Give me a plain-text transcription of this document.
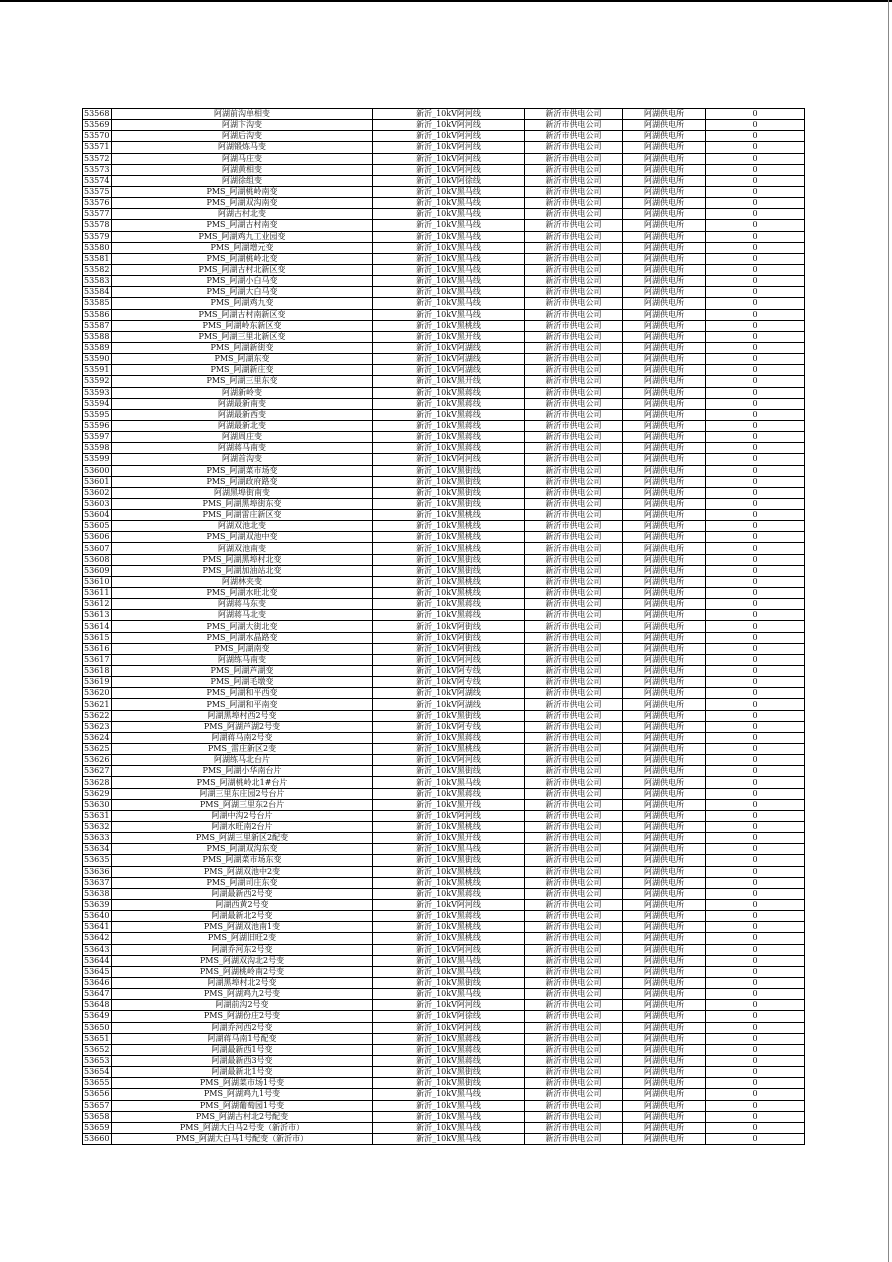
53568	阿湖前沟单相变	新沂_10kV阿河线	新沂市供电公司	阿湖供电所	0
53569	阿湖卞沟变	新沂_10kV阿河线	新沂市供电公司	阿湖供电所	0
53570	阿湖后沟变	新沂_10kV阿河线	新沂市供电公司	阿湖供电所	0
53571	阿湖锻炼马变	新沂_10kV阿河线	新沂市供电公司	阿湖供电所	0
53572	阿湖马庄变	新沂_10kV阿河线	新沂市供电公司	阿湖供电所	0
53573	阿湖黄相变	新沂_10kV阿河线	新沂市供电公司	阿湖供电所	0
53574	阿湖徐组变	新沂_10kV阿徐线	新沂市供电公司	阿湖供电所	0
53575	PMS_阿湖桃岭南变	新沂_10kV黑马线	新沂市供电公司	阿湖供电所	0
53576	PMS_阿湖双沟南变	新沂_10kV黑马线	新沂市供电公司	阿湖供电所	0
53577	阿湖古村北变	新沂_10kV黑马线	新沂市供电公司	阿湖供电所	0
53578	PMS_阿湖古村南变	新沂_10kV黑马线	新沂市供电公司	阿湖供电所	0
53579	PMS_阿湖鸡九工业园变	新沂_10kV黑马线	新沂市供电公司	阿湖供电所	0
53580	PMS_阿湖增元变	新沂_10kV黑马线	新沂市供电公司	阿湖供电所	0
53581	PMS_阿湖桃岭北变	新沂_10kV黑马线	新沂市供电公司	阿湖供电所	0
53582	PMS_阿湖古村北新区变	新沂_10kV黑马线	新沂市供电公司	阿湖供电所	0
53583	PMS_阿湖小白马变	新沂_10kV黑马线	新沂市供电公司	阿湖供电所	0
53584	PMS_阿湖大白马变	新沂_10kV黑马线	新沂市供电公司	阿湖供电所	0
53585	PMS_阿湖鸡九变	新沂_10kV黑马线	新沂市供电公司	阿湖供电所	0
53586	PMS_阿湖古村南新区变	新沂_10kV黑马线	新沂市供电公司	阿湖供电所	0
53587	PMS_阿湖岭东新区变	新沂_10kV黑桃线	新沂市供电公司	阿湖供电所	0
53588	PMS_阿湖三里北新区变	新沂_10kV黑开线	新沂市供电公司	阿湖供电所	0
53589	PMS_阿湖新街变	新沂_10kV阿湖线	新沂市供电公司	阿湖供电所	0
53590	PMS_阿湖东变	新沂_10kV阿湖线	新沂市供电公司	阿湖供电所	0
53591	PMS_阿湖新庄变	新沂_10kV阿湖线	新沂市供电公司	阿湖供电所	0
53592	PMS_阿湖三里东变	新沂_10kV黑开线	新沂市供电公司	阿湖供电所	0
53593	阿湖新岭变	新沂_10kV黑蒋线	新沂市供电公司	阿湖供电所	0
53594	阿湖最新南变	新沂_10kV黑蒋线	新沂市供电公司	阿湖供电所	0
53595	阿湖最新西变	新沂_10kV黑蒋线	新沂市供电公司	阿湖供电所	0
53596	阿湖最新北变	新沂_10kV黑蒋线	新沂市供电公司	阿湖供电所	0
53597	阿湖周庄变	新沂_10kV黑蒋线	新沂市供电公司	阿湖供电所	0
53598	阿湖蒋马南变	新沂_10kV黑蒋线	新沂市供电公司	阿湖供电所	0
53599	阿湖首沟变	新沂_10kV阿河线	新沂市供电公司	阿湖供电所	0
53600	PMS_阿湖菜市场变	新沂_10kV黑街线	新沂市供电公司	阿湖供电所	0
53601	PMS_阿湖政府路变	新沂_10kV黑街线	新沂市供电公司	阿湖供电所	0
53602	阿湖黑埠街南变	新沂_10kV黑街线	新沂市供电公司	阿湖供电所	0
53603	PMS_阿湖黑埠街东变	新沂_10kV黑街线	新沂市供电公司	阿湖供电所	0
53604	PMS_阿湖雷庄新区变	新沂_10kV黑桃线	新沂市供电公司	阿湖供电所	0
53605	阿湖双池北变	新沂_10kV黑桃线	新沂市供电公司	阿湖供电所	0
53606	PMS_阿湖双池中变	新沂_10kV黑桃线	新沂市供电公司	阿湖供电所	0
53607	阿湖双池南变	新沂_10kV黑桃线	新沂市供电公司	阿湖供电所	0
53608	PMS_阿湖黑埠村北变	新沂_10kV黑街线	新沂市供电公司	阿湖供电所	0
53609	PMS_阿湖加油站北变	新沂_10kV黑街线	新沂市供电公司	阿湖供电所	0
53610	阿湖林夹变	新沂_10kV黑桃线	新沂市供电公司	阿湖供电所	0
53611	PMS_阿湖水旺北变	新沂_10kV黑桃线	新沂市供电公司	阿湖供电所	0
53612	阿湖蒋马东变	新沂_10kV黑蒋线	新沂市供电公司	阿湖供电所	0
53613	阿湖蒋马北变	新沂_10kV黑蒋线	新沂市供电公司	阿湖供电所	0
53614	PMS_阿湖大街北变	新沂_10kV阿街线	新沂市供电公司	阿湖供电所	0
53615	PMS_阿湖水晶路变	新沂_10kV阿街线	新沂市供电公司	阿湖供电所	0
53616	PMS_阿湖南变	新沂_10kV阿街线	新沂市供电公司	阿湖供电所	0
53617	阿湖练马南变	新沂_10kV阿河线	新沂市供电公司	阿湖供电所	0
53618	PMS_阿湖芦湖变	新沂_10kV阿专线	新沂市供电公司	阿湖供电所	0
53619	PMS_阿湖毛墩变	新沂_10kV阿专线	新沂市供电公司	阿湖供电所	0
53620	PMS_阿湖和平西变	新沂_10kV阿湖线	新沂市供电公司	阿湖供电所	0
53621	PMS_阿湖和平南变	新沂_10kV阿湖线	新沂市供电公司	阿湖供电所	0
53622	阿湖黑埠村西2号变	新沂_10kV黑街线	新沂市供电公司	阿湖供电所	0
53623	PMS_阿湖芦湖2号变	新沂_10kV阿专线	新沂市供电公司	阿湖供电所	0
53624	阿湖蒋马南2号变	新沂_10kV黑蒋线	新沂市供电公司	阿湖供电所	0
53625	PMS_雷庄新区2变	新沂_10kV黑桃线	新沂市供电公司	阿湖供电所	0
53626	阿湖练马北台片	新沂_10kV阿河线	新沂市供电公司	阿湖供电所	0
53627	PMS_阿湖小华南台片	新沂_10kV黑街线	新沂市供电公司	阿湖供电所	0
53628	PMS_阿湖桃岭北1#台片	新沂_10kV黑马线	新沂市供电公司	阿湖供电所	0
53629	阿湖三里东庄园2号台片	新沂_10kV黑蒋线	新沂市供电公司	阿湖供电所	0
53630	PMS_阿湖三里东2台片	新沂_10kV黑开线	新沂市供电公司	阿湖供电所	0
53631	阿湖中沟2号台片	新沂_10kV阿河线	新沂市供电公司	阿湖供电所	0
53632	阿湖水旺南2台片	新沂_10kV黑桃线	新沂市供电公司	阿湖供电所	0
53633	PMS_阿湖三里新区2配变	新沂_10kV黑开线	新沂市供电公司	阿湖供电所	0
53634	PMS_阿湖双沟东变	新沂_10kV黑马线	新沂市供电公司	阿湖供电所	0
53635	PMS_阿湖菜市场东变	新沂_10kV黑街线	新沂市供电公司	阿湖供电所	0
53636	PMS_阿湖双池中2变	新沂_10kV黑桃线	新沂市供电公司	阿湖供电所	0
53637	PMS_阿湖司庄东变	新沂_10kV黑桃线	新沂市供电公司	阿湖供电所	0
53638	阿湖最新西2号变	新沂_10kV黑蒋线	新沂市供电公司	阿湖供电所	0
53639	阿湖西黄2号变	新沂_10kV阿河线	新沂市供电公司	阿湖供电所	0
53640	阿湖最新北2号变	新沂_10kV黑蒋线	新沂市供电公司	阿湖供电所	0
53641	PMS_阿湖双池南1变	新沂_10kV黑桃线	新沂市供电公司	阿湖供电所	0
53642	PMS_阿湖旧旺2变	新沂_10kV黑桃线	新沂市供电公司	阿湖供电所	0
53643	阿湖乔河东2号变	新沂_10kV阿河线	新沂市供电公司	阿湖供电所	0
53644	PMS_阿湖双沟北2号变	新沂_10kV黑马线	新沂市供电公司	阿湖供电所	0
53645	PMS_阿湖桃岭南2号变	新沂_10kV黑马线	新沂市供电公司	阿湖供电所	0
53646	阿湖黑埠村北2号变	新沂_10kV黑街线	新沂市供电公司	阿湖供电所	0
53647	PMS_阿湖鸡九2号变	新沂_10kV黑马线	新沂市供电公司	阿湖供电所	0
53648	阿湖前沟2号变	新沂_10kV阿河线	新沂市供电公司	阿湖供电所	0
53649	PMS_阿湖份庄2号变	新沂_10kV阿徐线	新沂市供电公司	阿湖供电所	0
53650	阿湖乔河西2号变	新沂_10kV阿河线	新沂市供电公司	阿湖供电所	0
53651	阿湖蒋马南1号配变	新沂_10kV黑蒋线	新沂市供电公司	阿湖供电所	0
53652	阿湖最新西1号变	新沂_10kV黑蒋线	新沂市供电公司	阿湖供电所	0
53653	阿湖最新西3号变	新沂_10kV黑蒋线	新沂市供电公司	阿湖供电所	0
53654	阿湖最新北1号变	新沂_10kV黑街线	新沂市供电公司	阿湖供电所	0
53655	PMS_阿湖菜市场1号变	新沂_10kV黑街线	新沂市供电公司	阿湖供电所	0
53656	PMS_阿湖鸡九1号变	新沂_10kV黑马线	新沂市供电公司	阿湖供电所	0
53657	PMS_阿湖葡萄园1号变	新沂_10kV黑马线	新沂市供电公司	阿湖供电所	0
53658	PMS_阿湖古村北2号配变	新沂_10kV黑马线	新沂市供电公司	阿湖供电所	0
53659	PMS_阿湖大白马2号变（新沂市）	新沂_10kV黑马线	新沂市供电公司	阿湖供电所	0
53660	PMS_阿湖大白马1号配变（新沂市）	新沂_10kV黑马线	新沂市供电公司	阿湖供电所	0
